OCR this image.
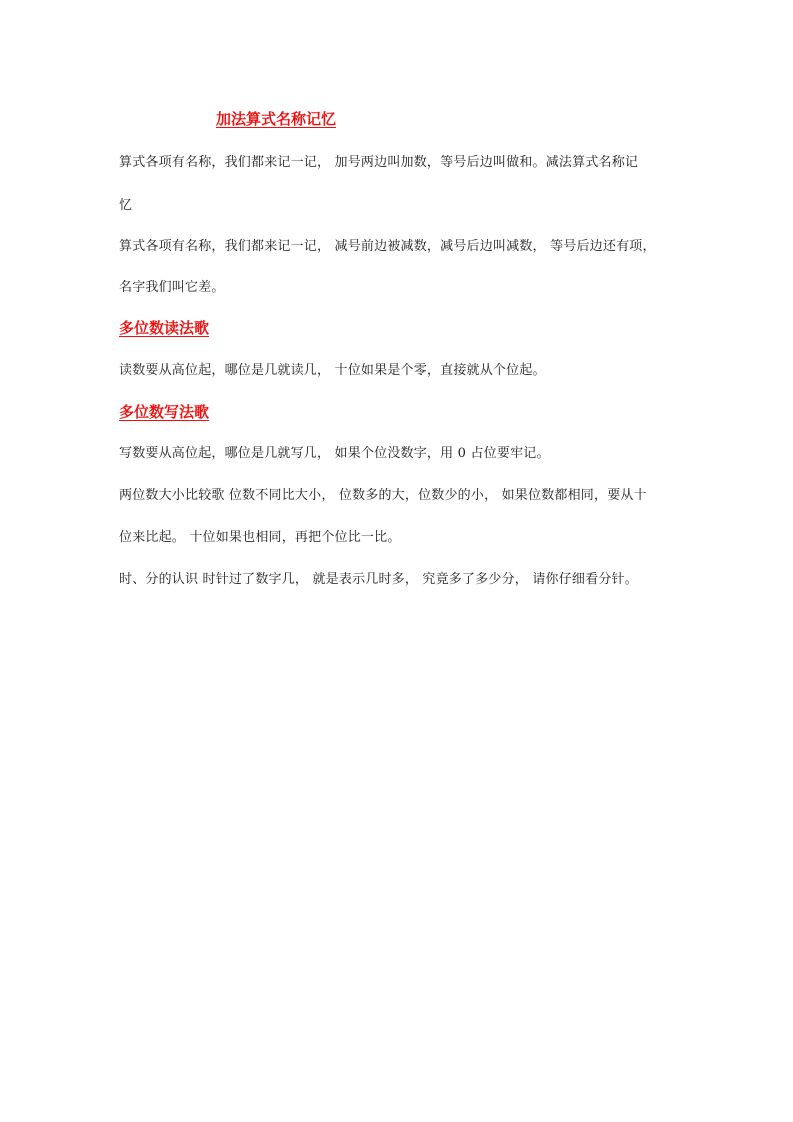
加法算式名称记忆
算式各项有名称，我们都来记一记， 加号两边叫加数，等号后边叫做和。减法算式名称记
忆
算式各项有名称，我们都来记一记， 减号前边被减数，减号后边叫减数， 等号后边还有项，
名字我们叫它差。
多位数读法歌
读数要从高位起，哪位是几就读几， 十位如果是个零，直接就从个位起。
多位数写法歌
写数要从高位起，哪位是几就写几， 如果个位没数字，用 0 占位要牢记。
两位数大小比较歌 位数不同比大小， 位数多的大，位数少的小， 如果位数都相同，要从十
位来比起。 十位如果也相同，再把个位比一比。
时、分的认识 时针过了数字几， 就是表示几时多， 究竟多了多少分， 请你仔细看分针。
